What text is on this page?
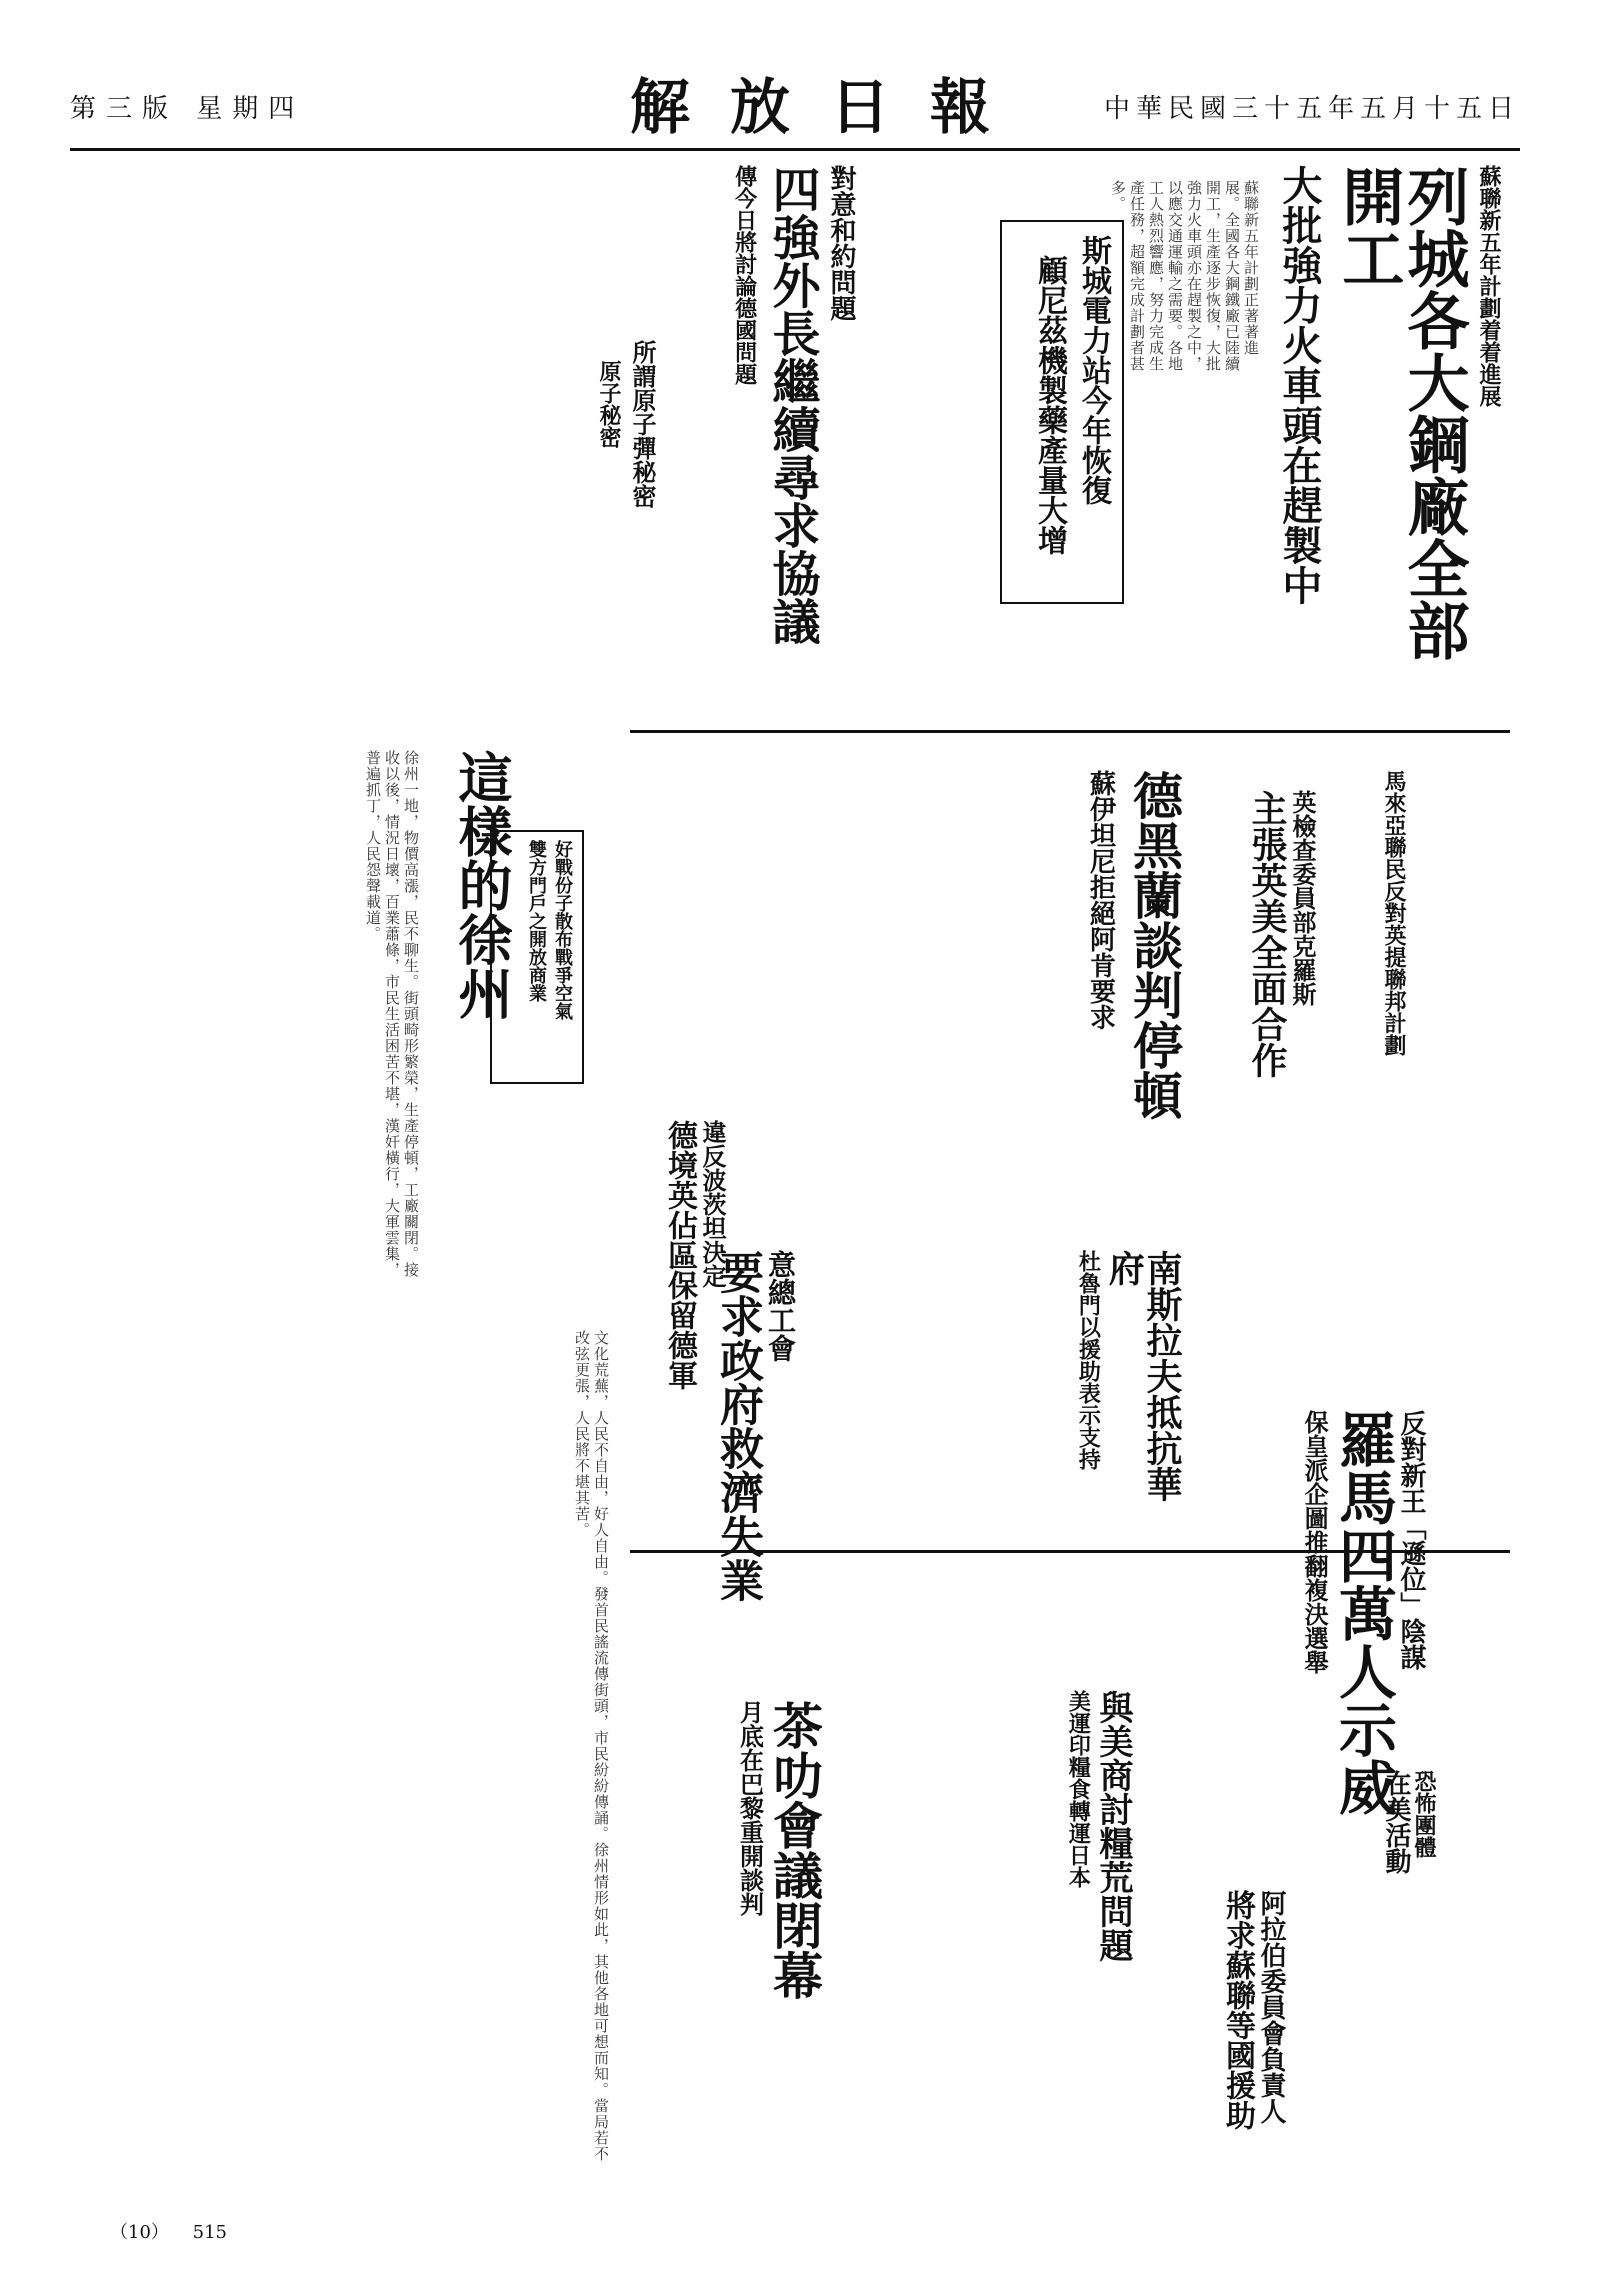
第三版 星期四	解放日報	中華民國三十五年五月十五日
蘇聯新五年計劃着着進展
列城各大鋼廠全部開工
大批強力火車頭在趕製中
蘇聯新五年計劃正著著進展。全國各大鋼鐵廠已陸續開工，生產逐步恢復，大批強力火車頭亦在趕製之中，以應交通運輸之需要。各地工人熱烈響應，努力完成生產任務，超額完成計劃者甚多。
對意和約問題
四強外長繼續尋求協議
傳今日將討論德國問題	斯城電力站今年恢復
顧尼茲機製藥產量大增
所謂原子彈秘密
原子秘密
這樣的徐州
徐州一地，物價高漲，民不聊生。街頭畸形繁榮，生產停頓，工廠關閉。接收以後，情況日壞，百業蕭條，市民生活困苦不堪，漢奸橫行，大軍雲集，普遍抓丁，人民怨聲載道。	德黑蘭談判停頓
蘇伊坦尼拒絕阿肯要求	英檢查委員部克羅斯
主張英美全面合作	馬來亞聯民反對英提聯邦計劃
好戰份子散布戰爭空氣
雙方門戶之開放商業
南斯拉夫抵抗華府
杜魯門以援助表示支持
違反波茨坦決定
德境英佔區保留德軍
反對新王「遜位」陰謀
羅馬四萬人示威
保皇派企圖推翻複決選舉
意總工會
要求政府救濟失業
茶叻會議閉幕
月底在巴黎重開談判	與美商討糧荒問題
美運印糧食轉運日本
阿拉伯委員會負責人
將求蘇聯等國援助
恐怖團體
在美活動
文化荒蕪，人民不自由，好人自由。發首民謠流傳街頭，市民紛紛傳誦。徐州情形如此，其他各地可想而知。當局若不改弦更張，人民將不堪其苦。
（10） 515
